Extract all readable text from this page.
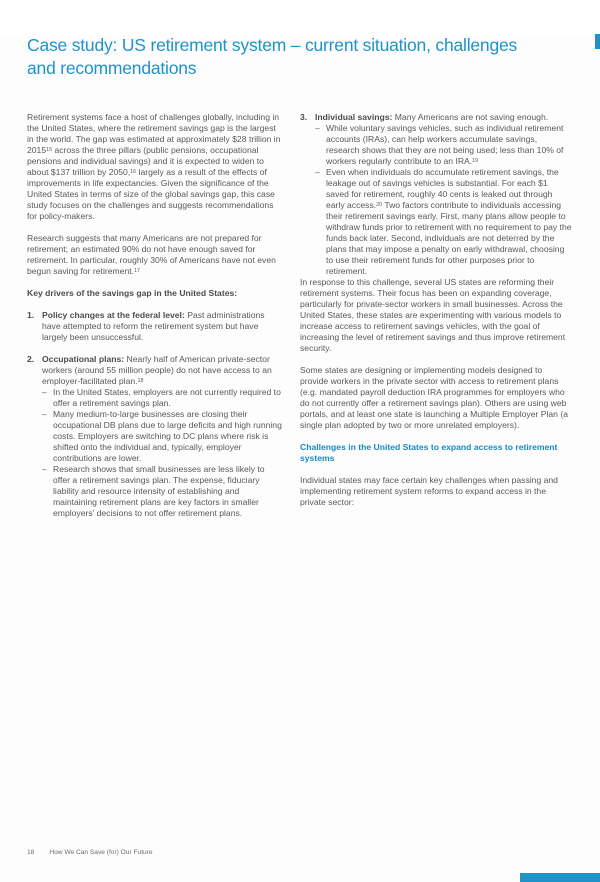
Case study: US retirement system – current situation, challenges and recommendations

Retirement systems face a host of challenges globally, including in the United States, where the retirement savings gap is the largest in the world. The gap was estimated at approximately $28 trillion in 2015$^{15}$ across the three pillars (public pensions, occupational pensions and individual savings) and it is expected to widen to about $137 trillion by 2050,16 largely as a result of the effects of improvements in life expectancies. Given the significance of the United States in terms of size of the global savings gap, this case study focuses on the challenges and suggests recommendations for policy-makers.

Research suggests that many Americans are not prepared for retirement; an estimated 90% do not have enough saved for retirement. In particular, roughly 30% of Americans have not even begun saving for retirement.$^{17}$

Key drivers of the savings gap in the United States:
1. Policy changes at the federal level: Past administrations have attempted to reform the retirement system but have largely been unsuccessful.
2. Occupational plans: Nearly half of American private-sector workers (around 55 million people) do not have access to an employer-facilitated plan.$^{18}$
– In the United States, employers are not currently required to offer a retirement savings plan.
– Many medium-to-large businesses are closing their occupational DB plans due to large deficits and high running costs. Employers are switching to DC plans where risk is shifted onto the individual and, typically, employer contributions are lower.
– Research shows that small businesses are less likely to offer a retirement savings plan. The expense, fiduciary liability and resource intensity of establishing and maintaining retirement plans are key factors in smaller employers’ decisions to not offer retirement plans.
3. Individual savings: Many Americans are not saving enough.
– While voluntary savings vehicles, such as individual retirement accounts (IRAs), can help workers accumulate savings, research shows that they are not being used; less than 10% of workers regularly contribute to an IRA.$^{19}$
– Even when individuals do accumulate retirement savings, the leakage out of savings vehicles is substantial. For each $1 saved for retirement, roughly 40 cents is leaked out through early access.$^{20}$ Two factors contribute to individuals accessing their retirement savings early. First, many plans allow people to withdraw funds prior to retirement with no requirement to pay the funds back later. Second, individuals are not deterred by the plans that may impose a penalty on early withdrawal, choosing to use their retirement funds for other purposes prior to retirement.

In response to this challenge, several US states are reforming their retirement systems. Their focus has been on expanding coverage, particularly for private-sector workers in small businesses. Across the United States, these states are experimenting with various models to increase access to retirement savings vehicles, with the goal of increasing the level of retirement savings and thus improve retirement security.

Some states are designing or implementing models designed to provide workers in the private sector with access to retirement plans (e.g. mandated payroll deduction IRA programmes for employers who do not currently offer a retirement savings plan). Others are using web portals, and at least one state is launching a Multiple Employer Plan (a single plan adopted by two or more unrelated employers).

Challenges in the United States to expand access to retirement systems

Individual states may face certain key challenges when passing and implementing retirement system reforms to expand access in the private sector:

18 How We Can Save (for) Our Future
